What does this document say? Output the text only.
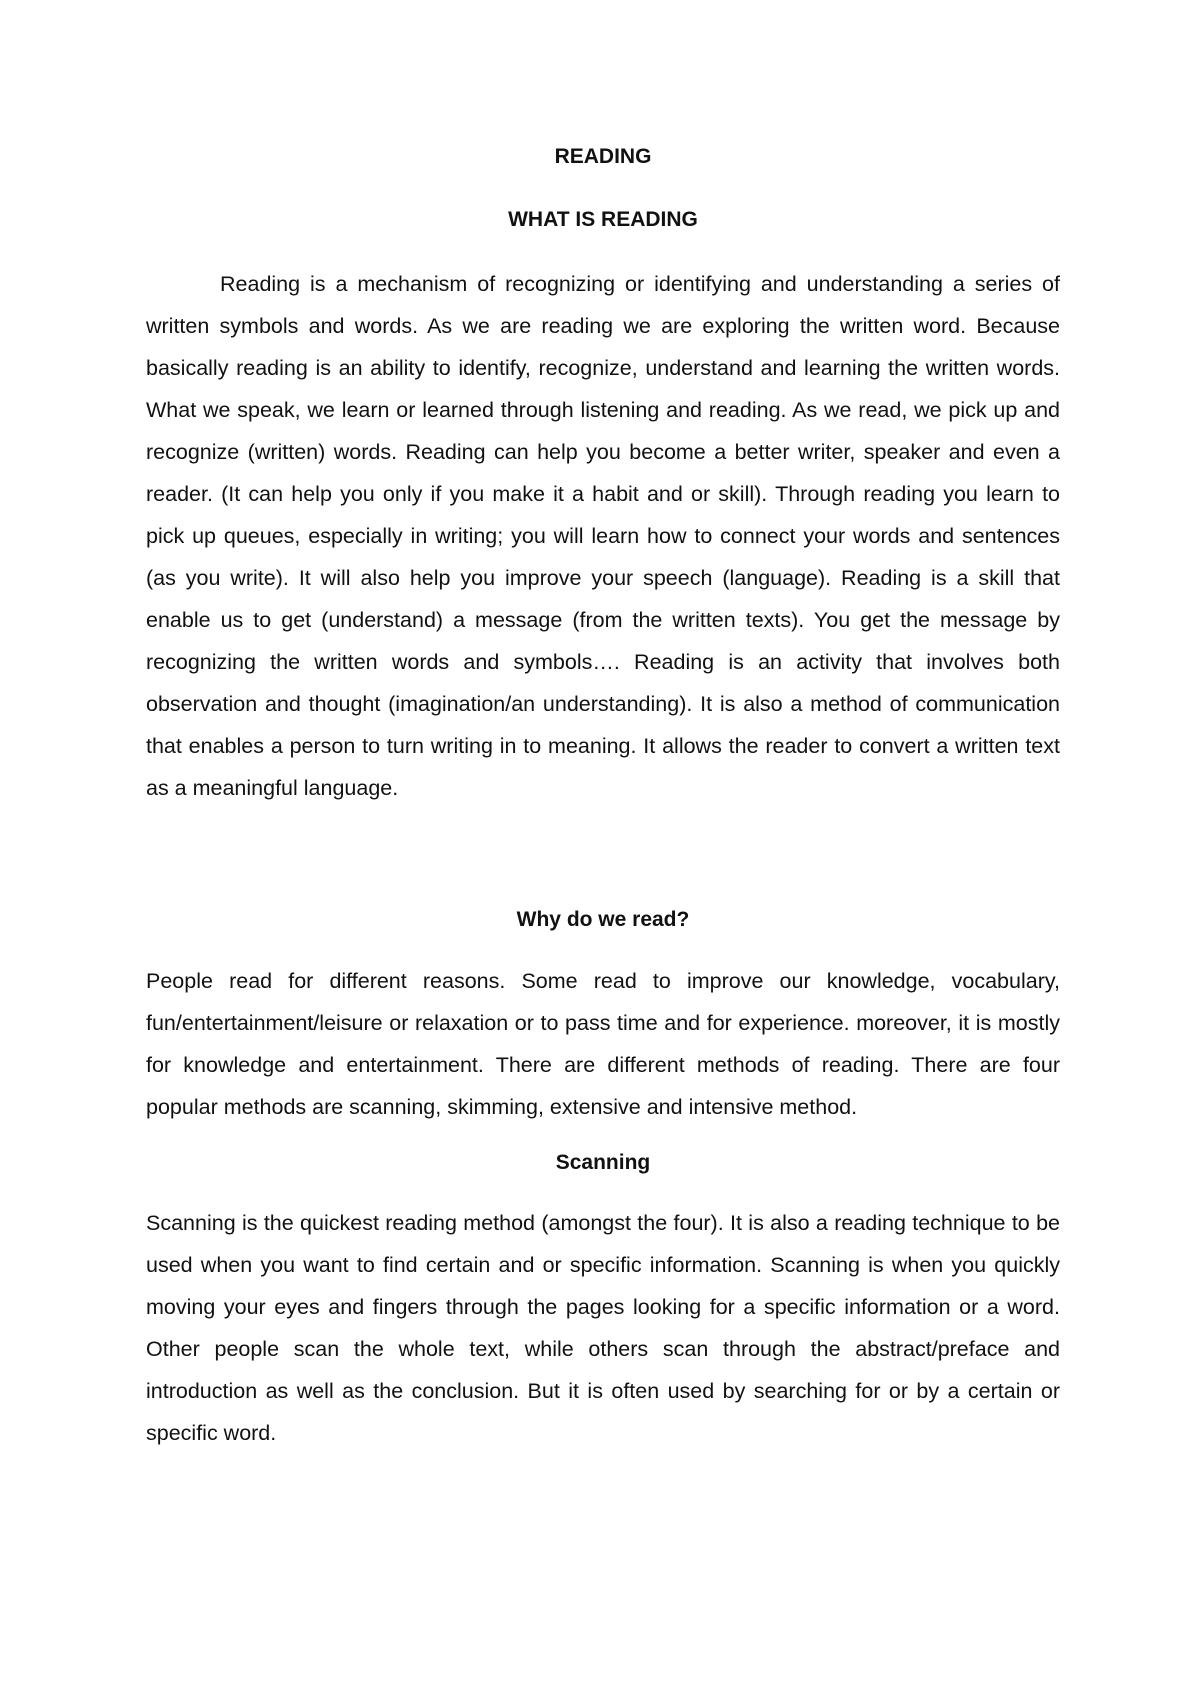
READING
WHAT IS READING

Reading is a mechanism of recognizing or identifying and understanding a series of written symbols and words. As we are reading we are exploring the written word. Because basically reading is an ability to identify, recognize, understand and learning the written words. What we speak, we learn or learned through listening and reading. As we read, we pick up and recognize (written) words. Reading can help you become a better writer, speaker and even a reader. (It can help you only if you make it a habit and or skill). Through reading you learn to pick up queues, especially in writing; you will learn how to connect your words and sentences (as you write). It will also help you improve your speech (language). Reading is a skill that enable us to get (understand) a message (from the written texts). You get the message by recognizing the written words and symbols…. Reading is an activity that involves both observation and thought (imagination/an understanding). It is also a method of communication that enables a person to turn writing in to meaning. It allows the reader to convert a written text as a meaningful language.

Why do we read?

People read for different reasons. Some read to improve our knowledge, vocabulary, fun/entertainment/leisure or relaxation or to pass time and for experience. moreover, it is mostly for knowledge and entertainment. There are different methods of reading. There are four popular methods are scanning, skimming, extensive and intensive method.

Scanning

Scanning is the quickest reading method (amongst the four). It is also a reading technique to be used when you want to find certain and or specific information. Scanning is when you quickly moving your eyes and fingers through the pages looking for a specific information or a word. Other people scan the whole text, while others scan through the abstract/preface and introduction as well as the conclusion. But it is often used by searching for or by a certain or specific word.
